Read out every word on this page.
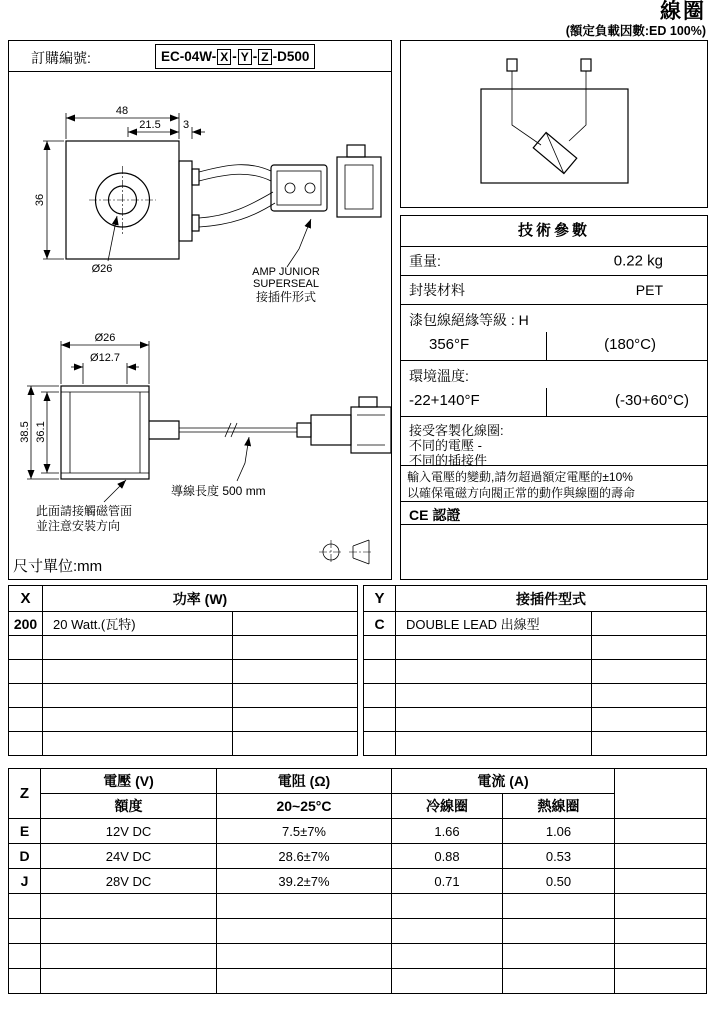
線圈
(額定負載因數:ED 100%)
訂購編號:	EC-04W- X - Y - Z -D500
48
21.5 3
36
Ø26	AMP JUNIOR
SUPERSEAL
接插件形式
Ø26
Ø12.7
38.5 36.1
導線長度 500 mm
此面請接觸磁管面
並注意安裝方向
尺寸單位:mm
技術參數
重量:	0.22 kg
封裝材料	PET
漆包線絕緣等級 : H
356°F	(180°C)
環境溫度:
-22+140°F	(-30+60°C)
接受客製化線圈:
不同的電壓 -
不同的插接件
輸入電壓的變動,請勿超過額定電壓的±10%
以確保電磁方向閥正常的動作與線圈的壽命
CE 認證
X	功率 (W)	
200	20 Watt.(瓦特)	

Y	接插件型式	
C	DOUBLE LEAD 出線型	

Z	電壓 (V)	電阻 (Ω)	電流 (A)		
	額度	20~25°C	冷線圈	熱線圈	
E	12V DC	7.5±7%	1.66	1.06	
D	24V DC	28.6±7%	0.88	0.53	
J	28V DC	39.2±7%	0.71	0.50	
